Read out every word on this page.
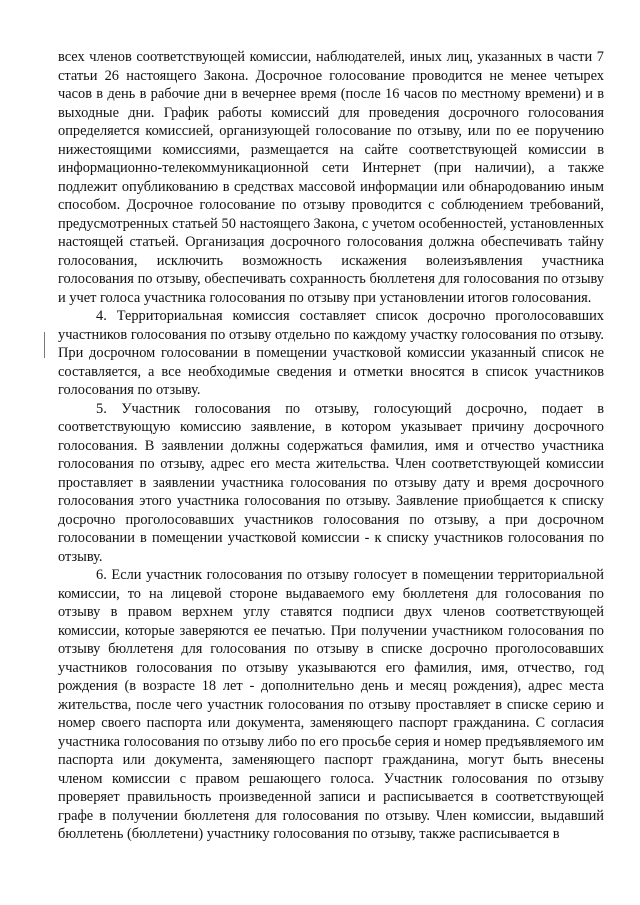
всех членов соответствующей комиссии, наблюдателей, иных лиц, указанных в части 7 статьи 26 настоящего Закона. Досрочное голосование проводится не менее четырех часов в день в рабочие дни в вечернее время (после 16 часов по местному времени) и в выходные дни. График работы комиссий для проведения досрочного голосования определяется комиссией, организующей голосование по отзыву, или по ее поручению нижестоящими комиссиями, размещается на сайте соответствующей комиссии в информационно-телекоммуникационной сети Интернет (при наличии), а также подлежит опубликованию в средствах массовой информации или обнародованию иным способом. Досрочное голосование по отзыву проводится с соблюдением требований, предусмотренных статьей 50 настоящего Закона, с учетом особенностей, установленных настоящей статьей. Организация досрочного голосования должна обеспечивать тайну голосования, исключить возможность искажения волеизъявления участника голосования по отзыву, обеспечивать сохранность бюллетеня для голосования по отзыву и учет голоса участника голосования по отзыву при установлении итогов голосования.

4. Территориальная комиссия составляет список досрочно проголосовавших участников голосования по отзыву отдельно по каждому участку голосования по отзыву. При досрочном голосовании в помещении участковой комиссии указанный список не составляется, а все необходимые сведения и отметки вносятся в список участников голосования по отзыву.

5. Участник голосования по отзыву, голосующий досрочно, подает в соответствующую комиссию заявление, в котором указывает причину досрочного голосования. В заявлении должны содержаться фамилия, имя и отчество участника голосования по отзыву, адрес его места жительства. Член соответствующей комиссии проставляет в заявлении участника голосования по отзыву дату и время досрочного голосования этого участника голосования по отзыву. Заявление приобщается к списку досрочно проголосовавших участников голосования по отзыву, а при досрочном голосовании в помещении участковой комиссии - к списку участников голосования по отзыву.

6. Если участник голосования по отзыву голосует в помещении территориальной комиссии, то на лицевой стороне выдаваемого ему бюллетеня для голосования по отзыву в правом верхнем углу ставятся подписи двух членов соответствующей комиссии, которые заверяются ее печатью. При получении участником голосования по отзыву бюллетеня для голосования по отзыву в списке досрочно проголосовавших участников голосования по отзыву указываются его фамилия, имя, отчество, год рождения (в возрасте 18 лет - дополнительно день и месяц рождения), адрес места жительства, после чего участник голосования по отзыву проставляет в списке серию и номер своего паспорта или документа, заменяющего паспорт гражданина. С согласия участника голосования по отзыву либо по его просьбе серия и номер предъявляемого им паспорта или документа, заменяющего паспорт гражданина, могут быть внесены членом комиссии с правом решающего голоса. Участник голосования по отзыву проверяет правильность произведенной записи и расписывается в соответствующей графе в получении бюллетеня для голосования по отзыву. Член комиссии, выдавший бюллетень (бюллетени) участнику голосования по отзыву, также расписывается в
